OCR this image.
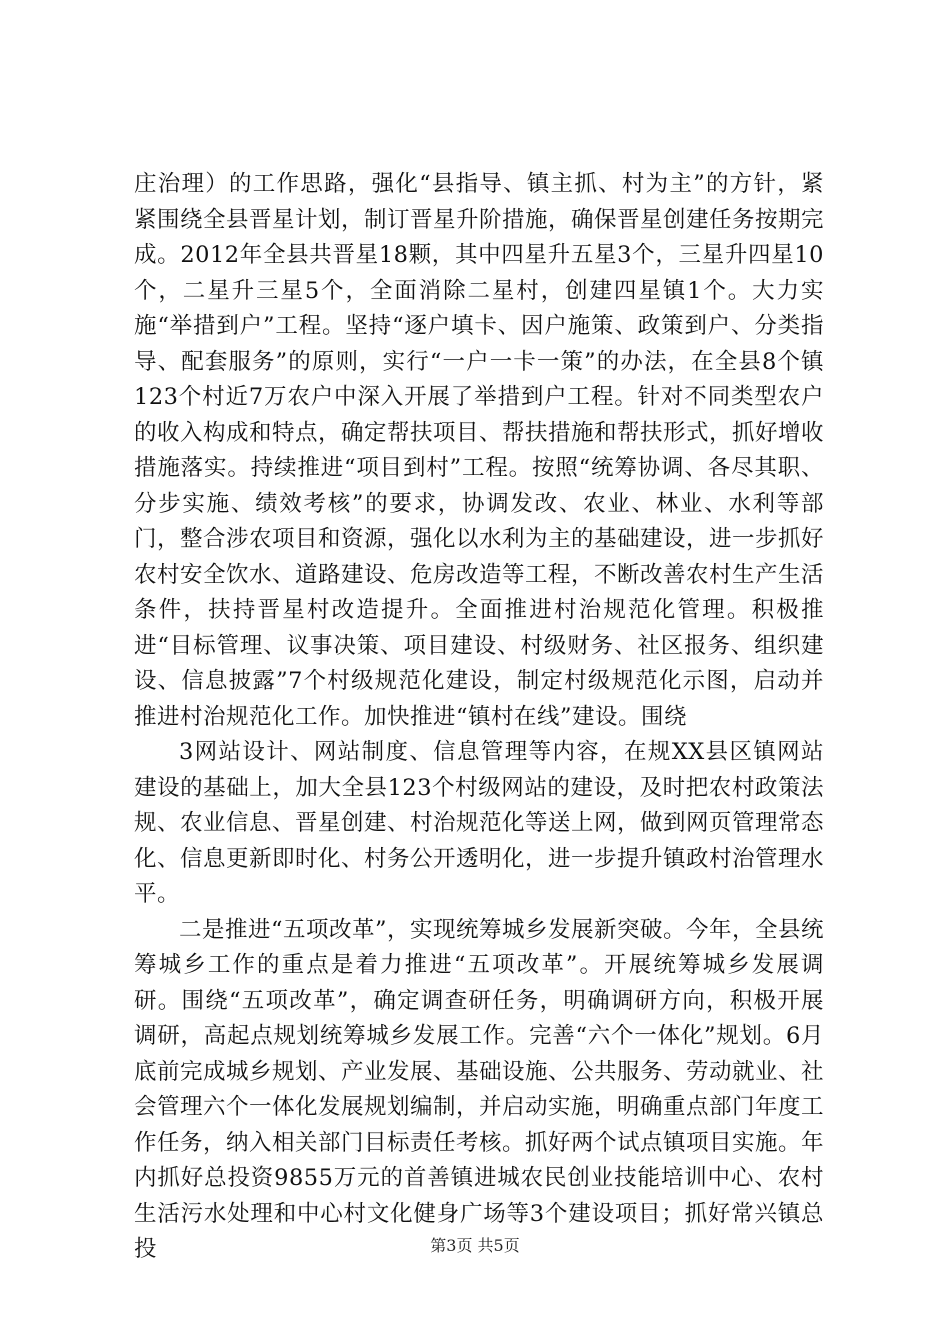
庄治理）的工作思路，强化“县指导、镇主抓、村为主”的方针，紧紧围绕全县晋星计划，制订晋星升阶措施，确保晋星创建任务按期完成。2012年全县共晋星18颗，其中四星升五星3个，三星升四星10个，二星升三星5个，全面消除二星村，创建四星镇1个。大力实施“举措到户”工程。坚持“逐户填卡、因户施策、政策到户、分类指导、配套服务”的原则，实行“一户一卡一策”的办法，在全县8个镇123个村近7万农户中深入开展了举措到户工程。针对不同类型农户的收入构成和特点，确定帮扶项目、帮扶措施和帮扶形式，抓好增收措施落实。持续推进“项目到村”工程。按照“统筹协调、各尽其职、分步实施、绩效考核”的要求，协调发改、农业、林业、水利等部门，整合涉农项目和资源，强化以水利为主的基础建设，进一步抓好农村安全饮水、道路建设、危房改造等工程，不断改善农村生产生活条件，扶持晋星村改造提升。全面推进村治规范化管理。积极推进“目标管理、议事决策、项目建设、村级财务、社区报务、组织建设、信息披露”7个村级规范化建设，制定村级规范化示图，启动并推进村治规范化工作。加快推进“镇村在线”建设。围绕

3网站设计、网站制度、信息管理等内容，在规XX县区镇网站建设的基础上，加大全县123个村级网站的建设，及时把农村政策法规、农业信息、晋星创建、村治规范化等送上网，做到网页管理常态化、信息更新即时化、村务公开透明化，进一步提升镇政村治管理水平。

二是推进“五项改革”，实现统筹城乡发展新突破。今年，全县统筹城乡工作的重点是着力推进“五项改革”。开展统筹城乡发展调研。围绕“五项改革”，确定调查研任务，明确调研方向，积极开展调研，高起点规划统筹城乡发展工作。完善“六个一体化”规划。6月底前完成城乡规划、产业发展、基础设施、公共服务、劳动就业、社会管理六个一体化发展规划编制，并启动实施，明确重点部门年度工作任务，纳入相关部门目标责任考核。抓好两个试点镇项目实施。年内抓好总投资9855万元的首善镇进城农民创业技能培训中心、农村生活污水处理和中心村文化健身广场等3个建设项目；抓好常兴镇总投	第3页 共5页
